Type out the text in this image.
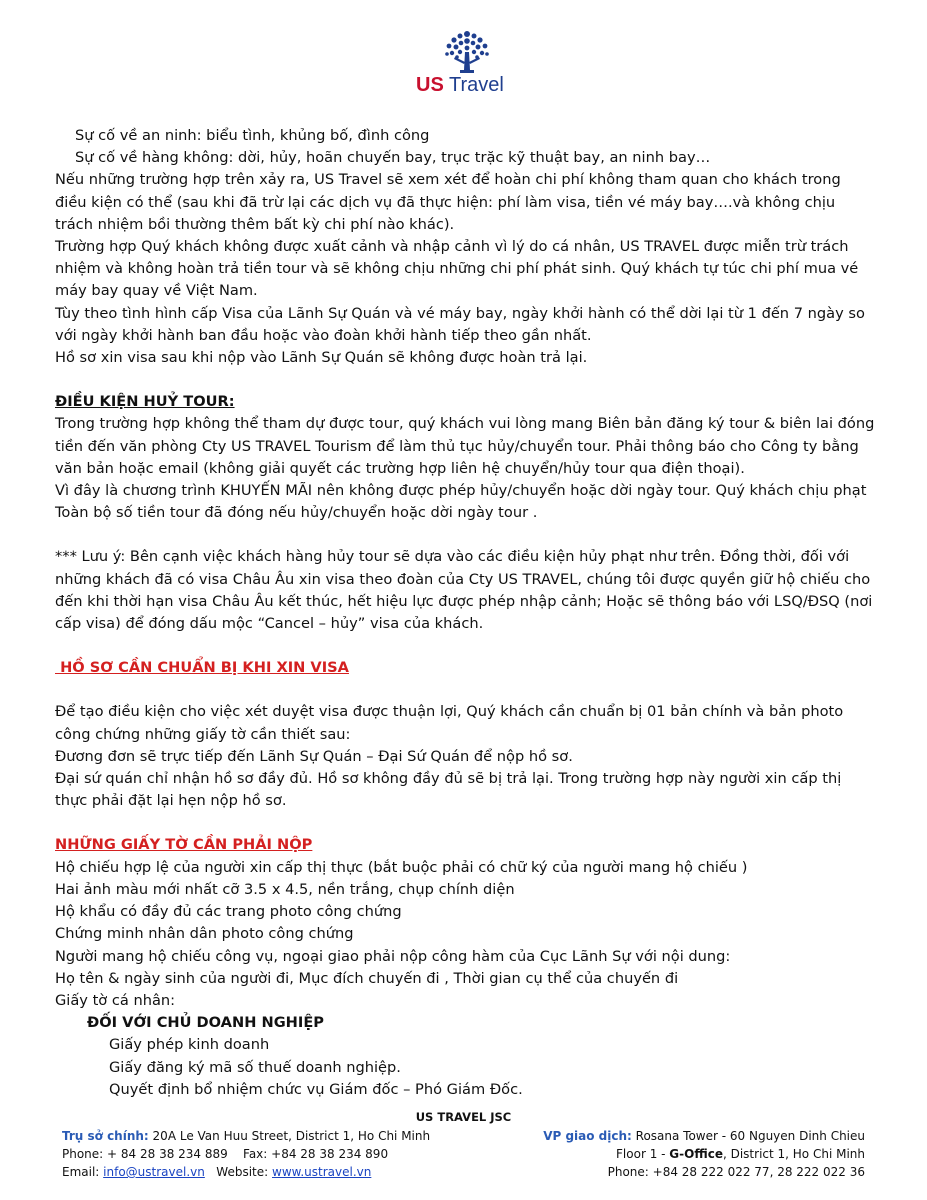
US Travel

Sự cố về an ninh: biểu tình, khủng bố, đình công

Sự cố về hàng không: dời, hủy, hoãn chuyến bay, trục trặc kỹ thuật bay, an ninh bay…

Nếu những trường hợp trên xảy ra, US Travel sẽ xem xét để hoàn chi phí không tham quan cho khách trong điều kiện có thể (sau khi đã trừ lại các dịch vụ đã thực hiện: phí làm visa, tiền vé máy bay….và không chịu trách nhiệm bồi thường thêm bất kỳ chi phí nào khác).

Trường hợp Quý khách không được xuất cảnh và nhập cảnh vì lý do cá nhân, US TRAVEL được miễn trừ trách nhiệm và không hoàn trả tiền tour và sẽ không chịu những chi phí phát sinh. Quý khách tự túc chi phí mua vé máy bay quay về Việt Nam.

Tùy theo tình hình cấp Visa của Lãnh Sự Quán và vé máy bay, ngày khởi hành có thể dời lại từ 1 đến 7 ngày so với ngày khởi hành ban đầu hoặc vào đoàn khởi hành tiếp theo gần nhất.

Hồ sơ xin visa sau khi nộp vào Lãnh Sự Quán sẽ không được hoàn trả lại.

ĐIỀU KIỆN HUỶ TOUR:

Trong trường hợp không thể tham dự được tour, quý khách vui lòng mang Biên bản đăng ký tour & biên lai đóng tiền đến văn phòng Cty US TRAVEL Tourism để làm thủ tục hủy/chuyển tour. Phải thông báo cho Công ty bằng văn bản hoặc email (không giải quyết các trường hợp liên hệ chuyển/hủy tour qua điện thoại).

Vì đây là chương trình KHUYẾN MÃI nên không được phép hủy/chuyển hoặc dời ngày tour. Quý khách chịu phạt Toàn bộ số tiền tour đã đóng nếu hủy/chuyển hoặc dời ngày tour .

*** Lưu ý: Bên cạnh việc khách hàng hủy tour sẽ dựa vào các điều kiện hủy phạt như trên. Đồng thời, đối với những khách đã có visa Châu Âu xin visa theo đoàn của Cty US TRAVEL, chúng tôi được quyền giữ hộ chiếu cho đến khi thời hạn visa Châu Âu kết thúc, hết hiệu lực được phép nhập cảnh; Hoặc sẽ thông báo với LSQ/ĐSQ (nơi cấp visa) để đóng dấu mộc “Cancel – hủy” visa của khách.

HỒ SƠ CẦN CHUẨN BỊ KHI XIN VISA

Để tạo điều kiện cho việc xét duyệt visa được thuận lợi, Quý khách cần chuẩn bị 01 bản chính và bản photo công chứng những giấy tờ cần thiết sau:

Đương đơn sẽ trực tiếp đến Lãnh Sự Quán – Đại Sứ Quán để nộp hồ sơ.

Đại sứ quán chỉ nhận hồ sơ đầy đủ. Hồ sơ không đầy đủ sẽ bị trả lại. Trong trường hợp này người xin cấp thị thực phải đặt lại hẹn nộp hồ sơ.

NHỮNG GIẤY TỜ CẦN PHẢI NỘP

Hộ chiếu hợp lệ của người xin cấp thị thực (bắt buộc phải có chữ ký của người mang hộ chiếu )

Hai ảnh màu mới nhất cỡ 3.5 x 4.5, nền trắng, chụp chính diện

Hộ khẩu có đầy đủ các trang photo công chứng

Chứng minh nhân dân photo công chứng

Người mang hộ chiếu công vụ, ngoại giao phải nộp công hàm của Cục Lãnh Sự với nội dung:

Họ tên & ngày sinh của người đi, Mục đích chuyến đi , Thời gian cụ thể của chuyến đi

Giấy tờ cá nhân:

ĐỐI VỚI CHỦ DOANH NGHIỆP

Giấy phép kinh doanh

Giấy đăng ký mã số thuế doanh nghiệp.

Quyết định bổ nhiệm chức vụ Giám đốc – Phó Giám Đốc.

US TRAVEL JSC
Trụ sở chính: 20A Le Van Huu Street, District 1, Ho Chi Minh
Phone: + 84 28 38 234 889    Fax: +84 28 38 234 890
Email: info@ustravel.vn   Website: www.ustravel.vn
VP giao dịch: Rosana Tower - 60 Nguyen Dinh Chieu
Floor 1 - G-Office, District 1, Ho Chi Minh
Phone: +84 28 222 022 77, 28 222 022 36
